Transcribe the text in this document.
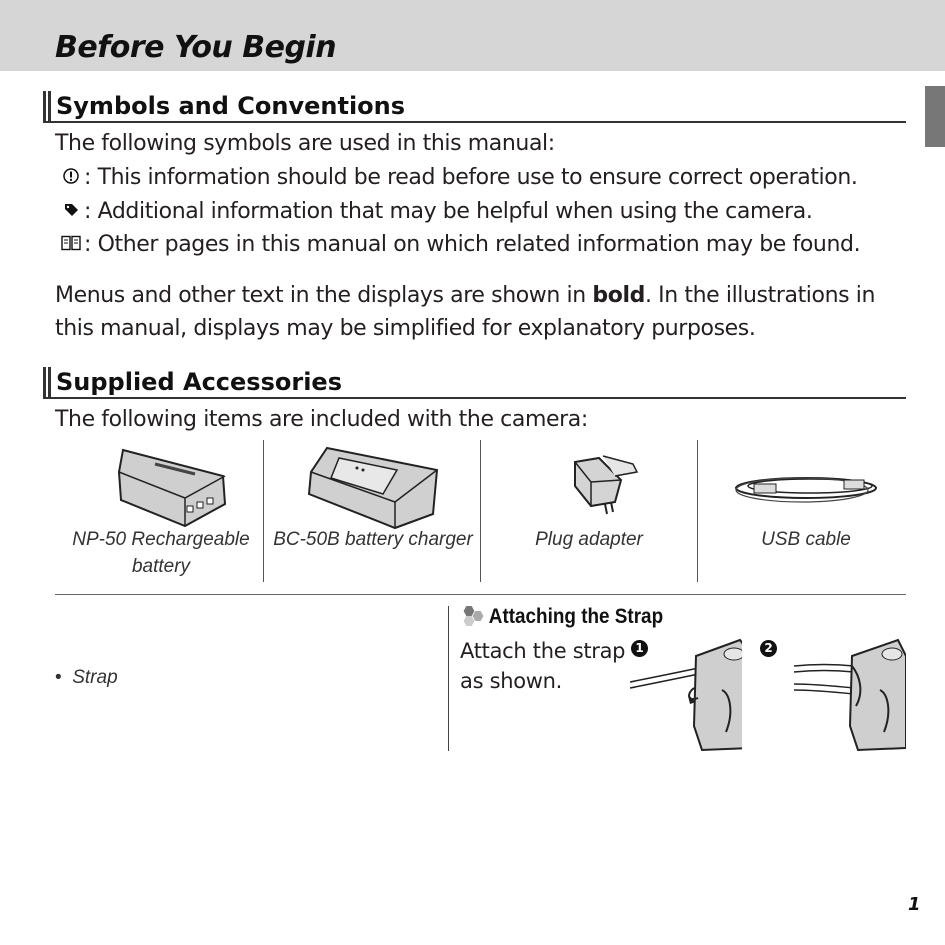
Before You Begin
Symbols and Conventions
The following symbols are used in this manual:
: This information should be read before use to ensure correct operation.
: Additional information that may be helpful when using the camera.
: Other pages in this manual on which related information may be found.
Menus and other text in the displays are shown in bold. In the illustrations in this manual, displays may be simplified for explanatory purposes.
Supplied Accessories
The following items are included with the camera:
NP-50 Rechargeable battery
BC-50B battery charger	Plug adapter	USB cable
•  Strap
Attaching the Strap
Attach the strap as shown.
1	2
1
